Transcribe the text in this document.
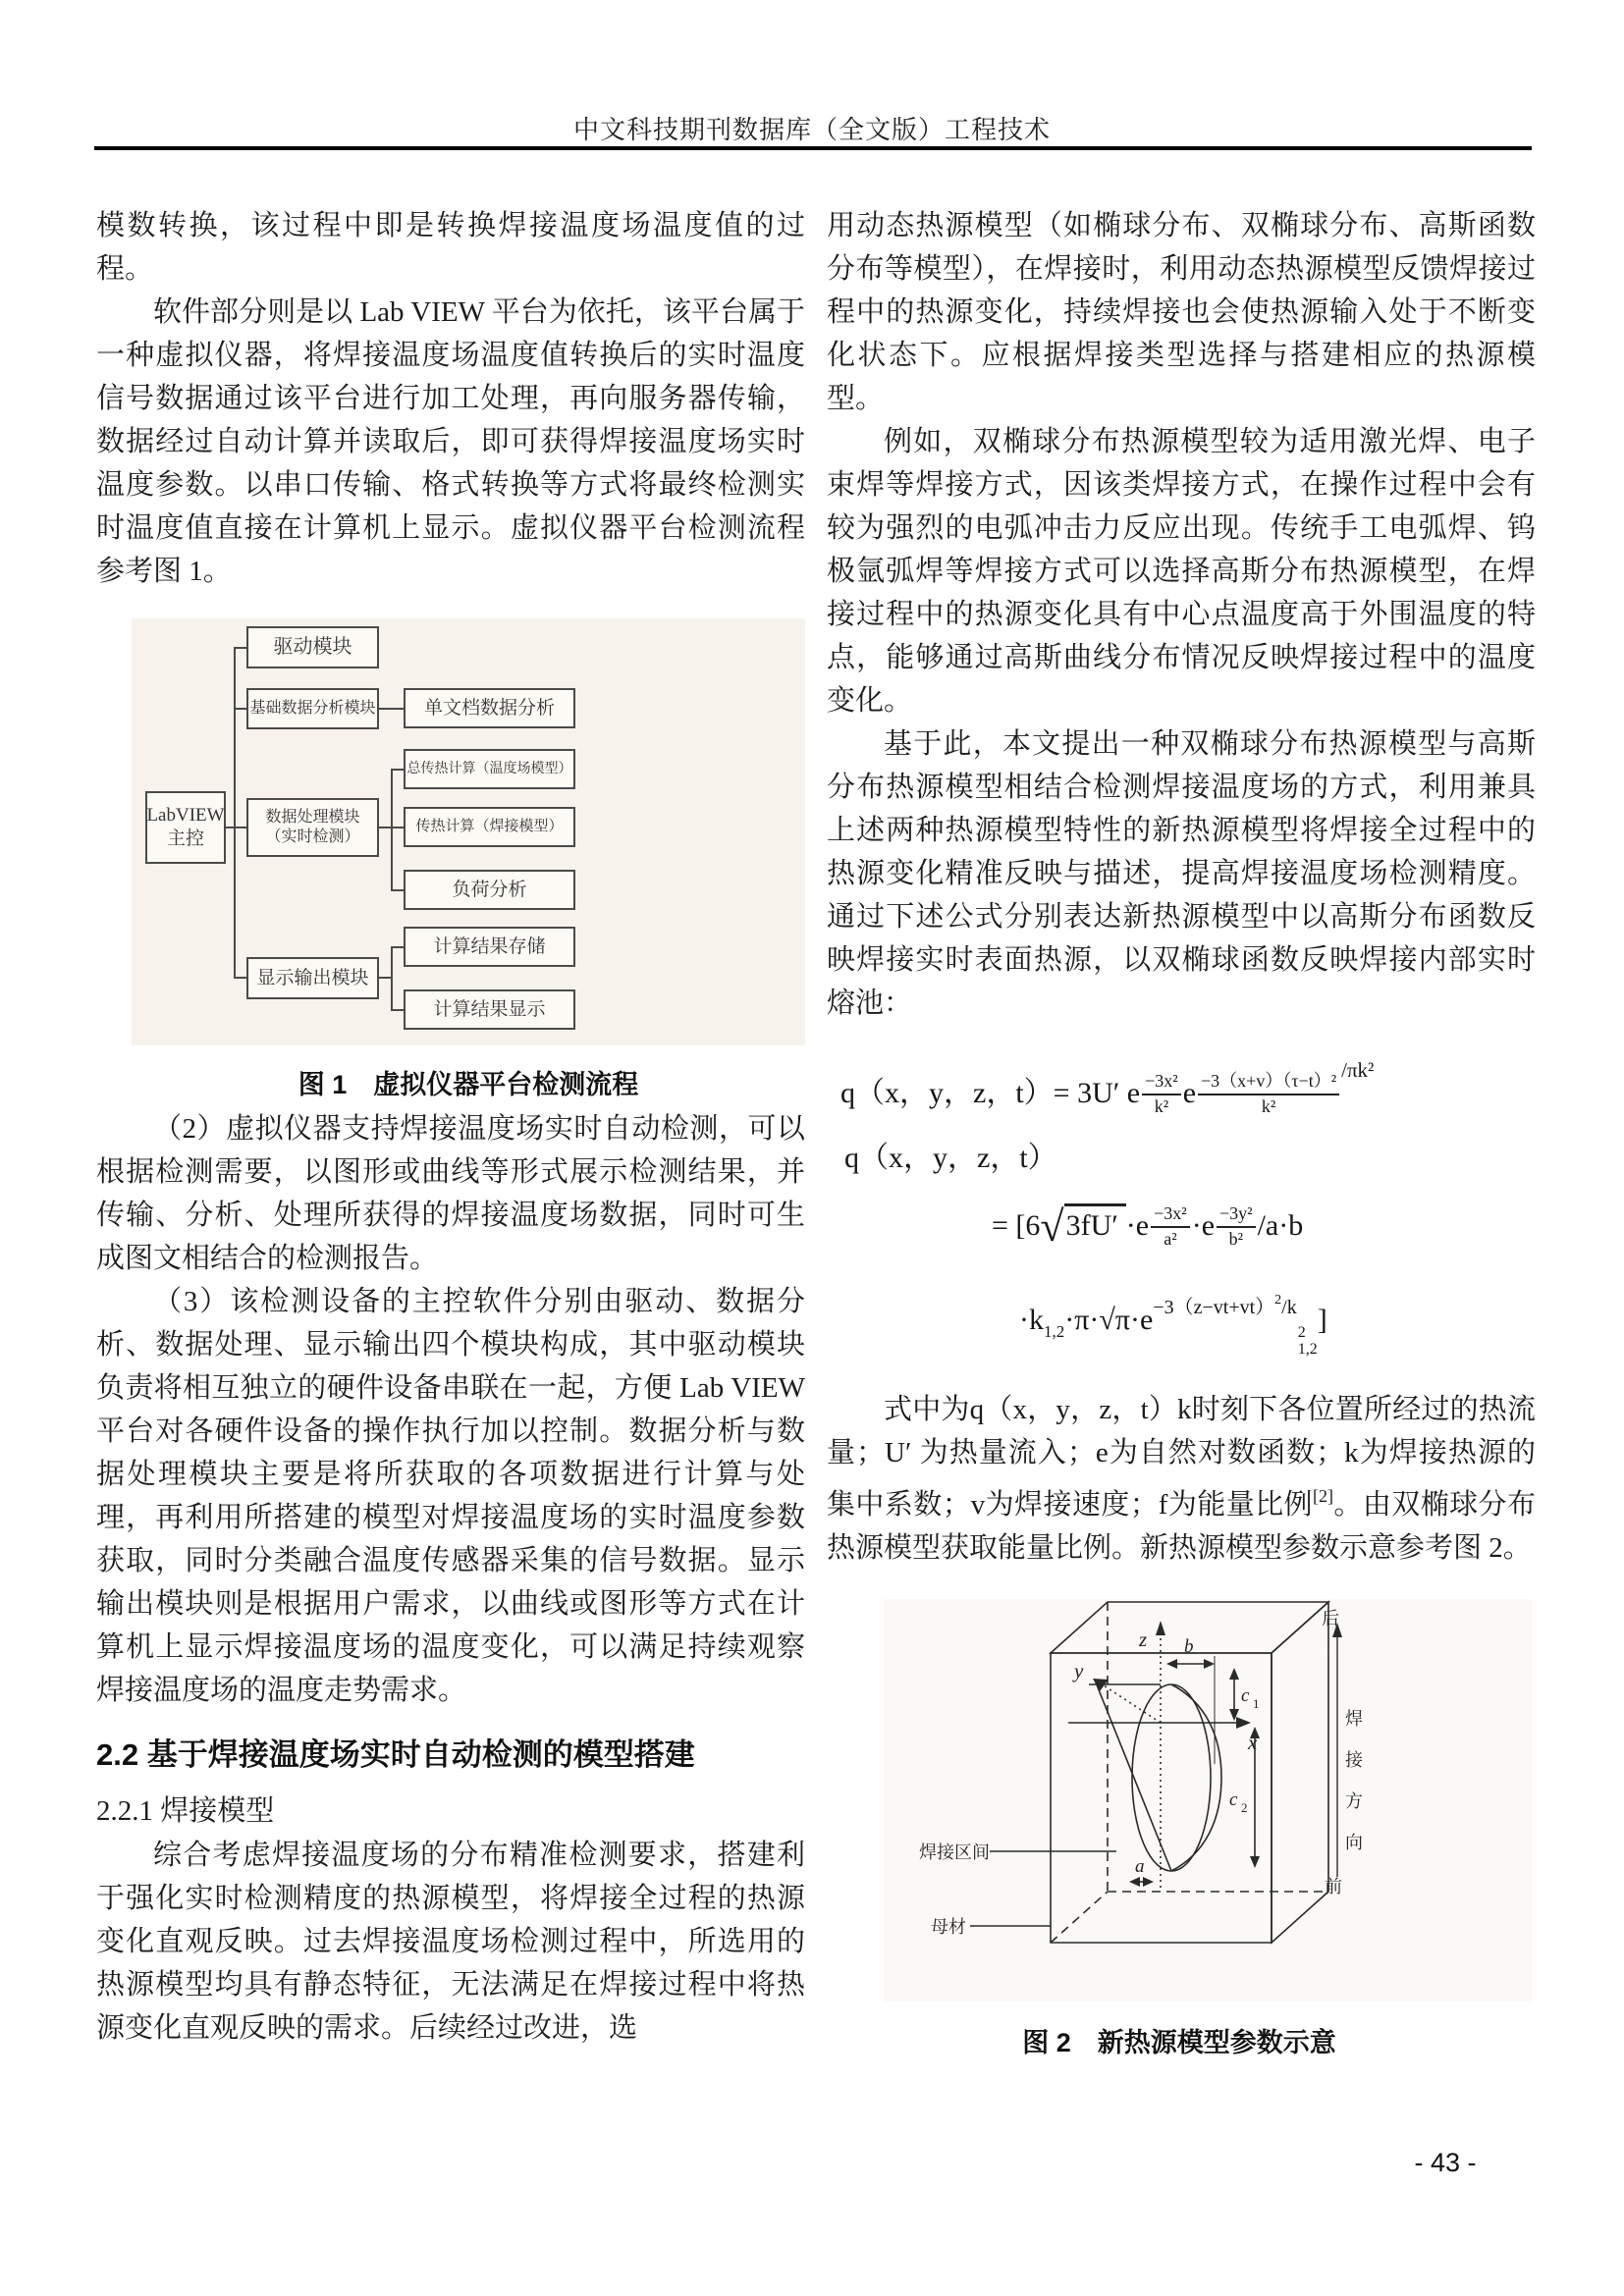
中文科技期刊数据库（全文版）工程技术

模数转换，该过程中即是转换焊接温度场温度值的过程。

软件部分则是以 Lab VIEW 平台为依托，该平台属于一种虚拟仪器，将焊接温度场温度值转换后的实时温度信号数据通过该平台进行加工处理，再向服务器传输，数据经过自动计算并读取后，即可获得焊接温度场实时温度参数。以串口传输、格式转换等方式将最终检测实时温度值直接在计算机上显示。虚拟仪器平台检测流程参考图 1。

LabVIEW
主控
驱动模块
基础数据分析模块
数据处理模块
（实时检测）
显示输出模块
单文档数据分析
总传热计算（温度场模型）
传热计算（焊接模型）
负荷分析
计算结果存储
计算结果显示
图 1　虚拟仪器平台检测流程

（2）虚拟仪器支持焊接温度场实时自动检测，可以根据检测需要，以图形或曲线等形式展示检测结果，并传输、分析、处理所获得的焊接温度场数据，同时可生成图文相结合的检测报告。

（3）该检测设备的主控软件分别由驱动、数据分析、数据处理、显示输出四个模块构成，其中驱动模块负责将相互独立的硬件设备串联在一起，方便 Lab VIEW 平台对各硬件设备的操作执行加以控制。数据分析与数据处理模块主要是将所获取的各项数据进行计算与处理，再利用所搭建的模型对焊接温度场的实时温度参数获取，同时分类融合温度传感器采集的信号数据。显示输出模块则是根据用户需求，以曲线或图形等方式在计算机上显示焊接温度场的温度变化，可以满足持续观察焊接温度场的温度走势需求。

2.2 基于焊接温度场实时自动检测的模型搭建
2.2.1 焊接模型

综合考虑焊接温度场的分布精准检测要求，搭建利于强化实时检测精度的热源模型，将焊接全过程的热源变化直观反映。过去焊接温度场检测过程中，所选用的热源模型均具有静态特征，无法满足在焊接过程中将热源变化直观反映的需求。后续经过改进，选

用动态热源模型（如椭球分布、双椭球分布、高斯函数分布等模型），在焊接时，利用动态热源模型反馈焊接过程中的热源变化，持续焊接也会使热源输入处于不断变化状态下。应根据焊接类型选择与搭建相应的热源模型。

例如，双椭球分布热源模型较为适用激光焊、电子束焊等焊接方式，因该类焊接方式，在操作过程中会有较为强烈的电弧冲击力反应出现。传统手工电弧焊、钨极氩弧焊等焊接方式可以选择高斯分布热源模型，在焊接过程中的热源变化具有中心点温度高于外围温度的特点，能够通过高斯曲线分布情况反映焊接过程中的温度变化。

基于此，本文提出一种双椭球分布热源模型与高斯分布热源模型相结合检测焊接温度场的方式，利用兼具上述两种热源模型特性的新热源模型将焊接全过程中的热源变化精准反映与描述，提高焊接温度场检测精度。通过下述公式分别表达新热源模型中以高斯分布函数反映焊接实时表面热源，以双椭球函数反映焊接内部实时熔池：

q（x，y，z，t）= 3U′ e $\frac{\text{−3x²}}{\text{k²}}$ e $\frac{\text{−3（x+v）（τ−t）²}}{\text{k²}}$
$^{/\pi k^2}$
q（x，y，z，t）
= [$6√3fU'\cdot e \frac{\text{−3x²}}{\text{a²}} \cdot e \frac{\text{−3y²}}{\text{b²}} /a\cdot b$
$\cdot k_{1,2}\cdot\pi\cdot√\pi\cdot e^{-3(z-vt+vt)2/k}$
2
1,2
]

式中为q（x，y，z，t）k时刻下各位置所经过的热流量；U′ 为热量流入；e为自然对数函数；k为焊接热源的集中系数；v为焊接速度；f为能量比例[2]。由双椭球分布热源模型获取能量比例。新热源模型参数示意参考图 2。

z
x
y
b
a
c 1
c 2
焊接区间
母材
后
前
焊
接
方
向
图 2　新热源模型参数示意
- 43 -
